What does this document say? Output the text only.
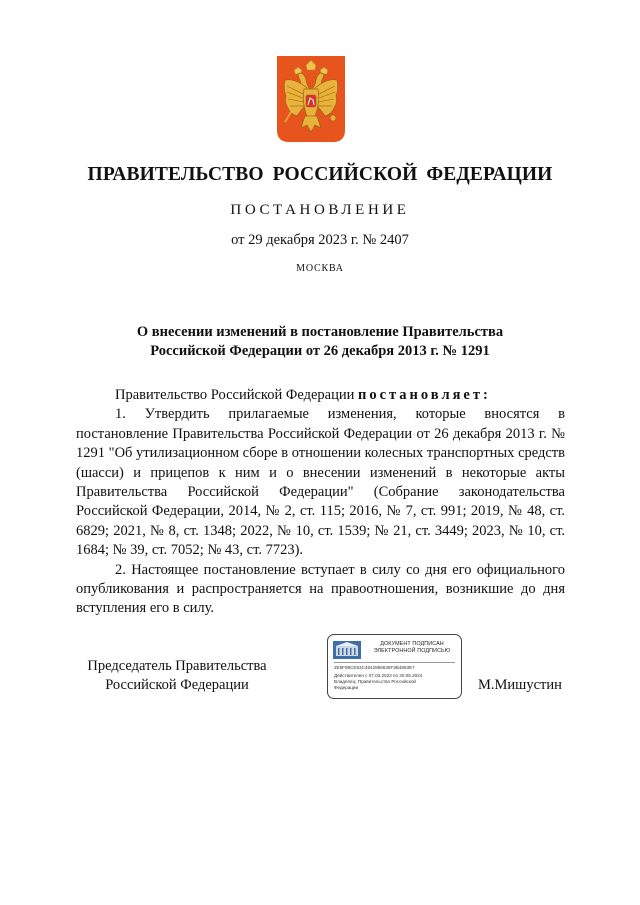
ПРАВИТЕЛЬСТВО РОССИЙСКОЙ ФЕДЕРАЦИИ
ПОСТАНОВЛЕНИЕ
от 29 декабря 2023 г. № 2407
МОСКВА
О внесении изменений в постановление Правительства
Российской Федерации от 26 декабря 2013 г. № 1291

Правительство Российской Федерации постановляет:

1. Утвердить прилагаемые изменения, которые вносятся в постановление Правительства Российской Федерации от 26 декабря 2013 г. № 1291 "Об утилизационном сборе в отношении колесных транспортных средств (шасси) и прицепов к ним и о внесении изменений в некоторые акты Правительства Российской Федерации" (Собрание законодательства Российской Федерации, 2014, № 2, ст. 115; 2016, № 7, ст. 991; 2019, № 48, ст. 6829; 2021, № 8, ст. 1348; 2022, № 10, ст. 1539; № 21, ст. 3449; 2023, № 10, ст. 1684; № 39, ст. 7052; № 43, ст. 7723).

2. Настоящее постановление вступает в силу со дня его официального опубликования и распространяется на правоотношения, возникшие до дня вступления его в силу.

Председатель Правительства
Российской Федерации
ДОКУМЕНТ ПОДПИСАН
ЭЛЕКТРОННОЙ ПОДПИСЬЮ
2E5F99CE53C4642886636F3B4863E7
Действителен с 07.03.2023 по 30.05.2024
Владелец: Правительство Российской
Федерации	М.Мишустин
